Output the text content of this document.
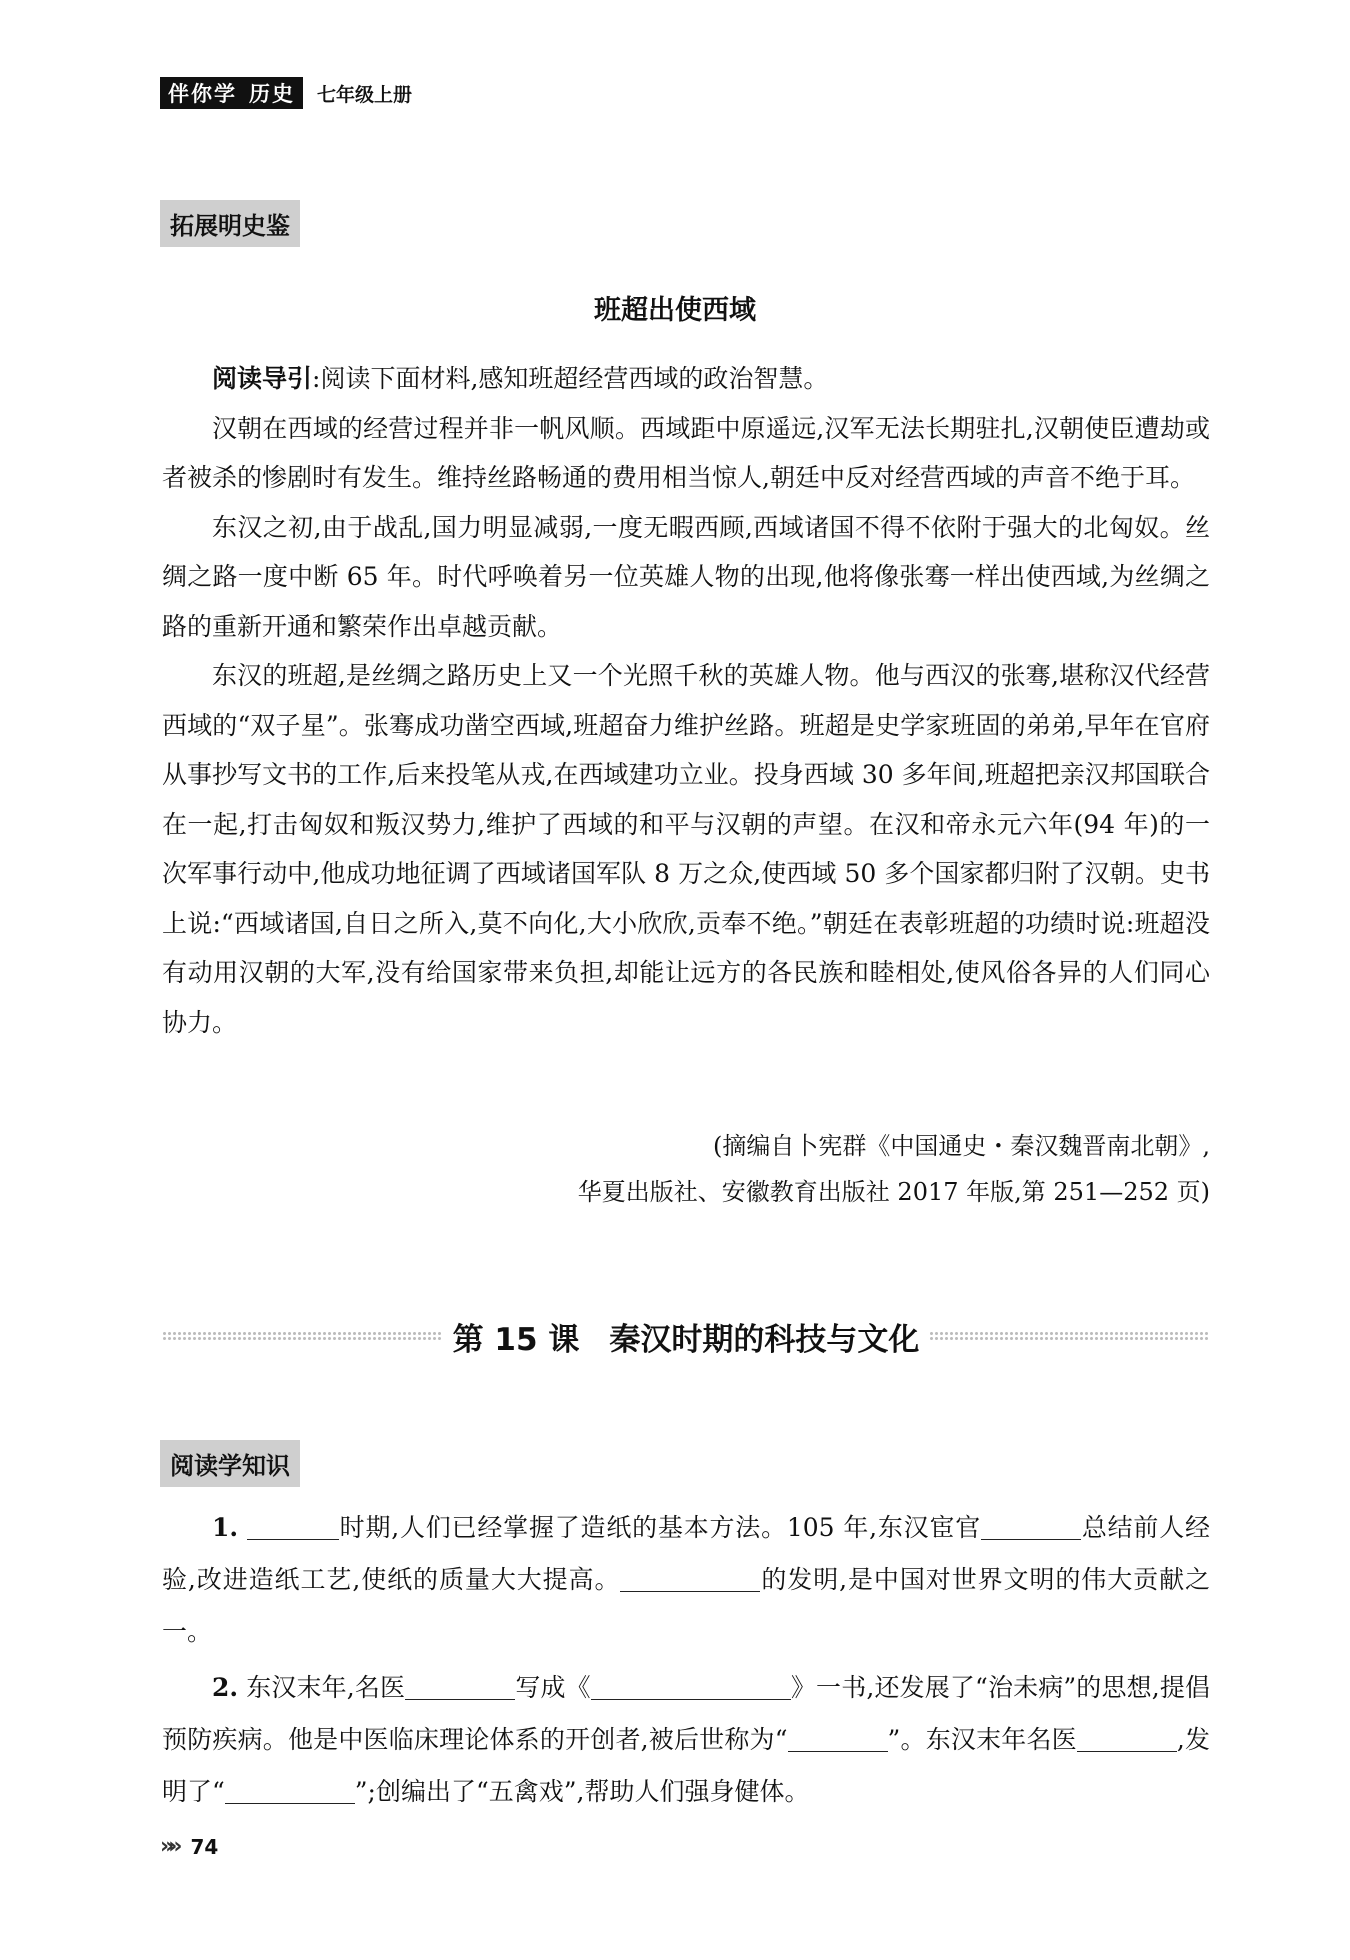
伴你学 历史 七年级上册
拓展明史鉴
班超出使西域

阅读导引:阅读下面材料,感知班超经营西域的政治智慧。

汉朝在西域的经营过程并非一帆风顺。西域距中原遥远,汉军无法长期驻扎,汉朝使臣遭劫或者被杀的惨剧时有发生。维持丝路畅通的费用相当惊人,朝廷中反对经营西域的声音不绝于耳。

东汉之初,由于战乱,国力明显减弱,一度无暇西顾,西域诸国不得不依附于强大的北匈奴。丝绸之路一度中断 65 年。时代呼唤着另一位英雄人物的出现,他将像张骞一样出使西域,为丝绸之路的重新开通和繁荣作出卓越贡献。

东汉的班超,是丝绸之路历史上又一个光照千秋的英雄人物。他与西汉的张骞,堪称汉代经营西域的“双子星”。张骞成功凿空西域,班超奋力维护丝路。班超是史学家班固的弟弟,早年在官府从事抄写文书的工作,后来投笔从戎,在西域建功立业。投身西域 30 多年间,班超把亲汉邦国联合在一起,打击匈奴和叛汉势力,维护了西域的和平与汉朝的声望。在汉和帝永元六年(94 年)的一次军事行动中,他成功地征调了西域诸国军队 8 万之众,使西域 50 多个国家都归附了汉朝。史书上说:“西域诸国,自日之所入,莫不向化,大小欣欣,贡奉不绝。”朝廷在表彰班超的功绩时说:班超没有动用汉朝的大军,没有给国家带来负担,却能让远方的各民族和睦相处,使风俗各异的人们同心协力。

(摘编自卜宪群《中国通史・秦汉魏晋南北朝》,
华夏出版社、安徽教育出版社 2017 年版,第 251—252 页)
第 15 课 秦汉时期的科技与文化
阅读学知识

1.	时期,人们已经掌握了造纸的基本方法。105 年,东汉宦官	总结前人经验,改进造纸工艺,使纸的质量大大提高。	的发明,是中国对世界文明的伟大贡献之一。

2. 东汉末年,名医	写成《	》一书,还发展了“治未病”的思想,提倡预防疾病。他是中医临床理论体系的开创者,被后世称为“	”。东汉末年名医	,发明了“	”;创编出了“五禽戏”,帮助人们强身健体。

»» 74
